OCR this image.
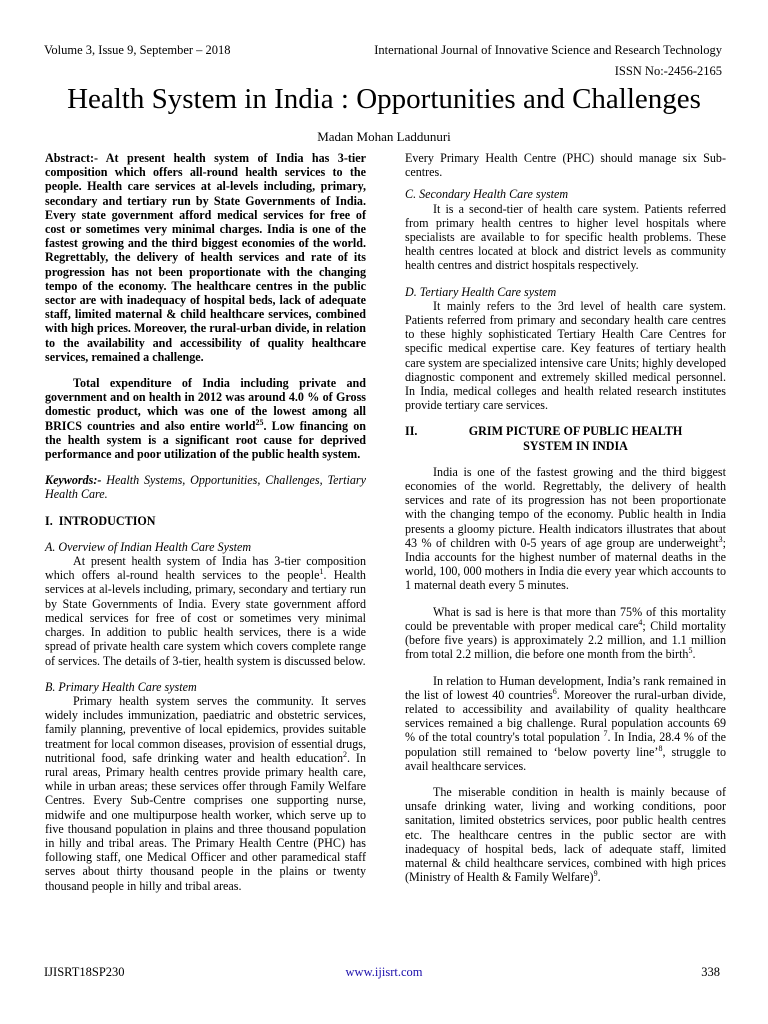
Volume 3, Issue 9, September – 2018	International Journal of Innovative Science and Research Technology
ISSN No:-2456-2165
Health System in India : Opportunities and Challenges
Madan Mohan Laddunuri

Abstract:- At present health system of India has 3-tier composition which offers all-round health services to the people. Health care services at al-levels including, primary, secondary and tertiary run by State Governments of India. Every state government afford medical services for free of cost or sometimes very minimal charges. India is one of the fastest growing and the third biggest economies of the world. Regrettably, the delivery of health services and rate of its progression has not been proportionate with the changing tempo of the economy. The healthcare centres in the public sector are with inadequacy of hospital beds, lack of adequate staff, limited maternal & child healthcare services, combined with high prices. Moreover, the rural-urban divide, in relation to the availability and accessibility of quality healthcare services, remained a challenge.

Total expenditure of India including private and government and on health in 2012 was around 4.0 % of Gross domestic product, which was one of the lowest among all BRICS countries and also entire world$^{25}$. Low financing on the health system is a significant root cause for deprived performance and poor utilization of the public health system.

Keywords:- Health Systems, Opportunities, Challenges, Tertiary Health Care.

I. INTRODUCTION

A. Overview of Indian Health Care System

At present health system of India has 3-tier composition which offers al-round health services to the people$^1$. Health services at al-levels including, primary, secondary and tertiary run by State Governments of India. Every state government afford medical services for free of cost or sometimes very minimal charges. In addition to public health services, there is a wide spread of private health care system which covers complete range of services. The details of 3-tier, health system is discussed below.

B. Primary Health Care system

Primary health system serves the community. It serves widely includes immunization, paediatric and obstetric services, family planning, preventive of local epidemics, provides suitable treatment for local common diseases, provision of essential drugs, nutritional food, safe drinking water and health education$^2$. In rural areas, Primary health centres provide primary health care, while in urban areas; these services offer through Family Welfare Centres. Every Sub-Centre comprises one supporting nurse, midwife and one multipurpose health worker, which serve up to five thousand population in plains and three thousand population in hilly and tribal areas. The Primary Health Centre (PHC) has following staff, one Medical Officer and other paramedical staff serves about thirty thousand people in the plains or twenty thousand people in hilly and tribal areas.

Every Primary Health Centre (PHC) should manage six Sub-centres.

C. Secondary Health Care system

It is a second-tier of health care system. Patients referred from primary health centres to higher level hospitals where specialists are available to for specific health problems. These health centres located at block and district levels as community health centres and district hospitals respectively.

D. Tertiary Health Care system

It mainly refers to the 3rd level of health care system. Patients referred from primary and secondary health care centres to these highly sophisticated Tertiary Health Care Centres for specific medical expertise care. Key features of tertiary health care system are specialized intensive care Units; highly developed diagnostic component and extremely skilled medical personnel. In India, medical colleges and health related research institutes provide tertiary care services.

II.	GRIM PICTURE OF PUBLIC HEALTH SYSTEM IN INDIA

India is one of the fastest growing and the third biggest economies of the world. Regrettably, the delivery of health services and rate of its progression has not been proportionate with the changing tempo of the economy. Public health in India presents a gloomy picture. Health indicators illustrates that about 43 % of children with 0-5 years of age group are underweight$^3$; India accounts for the highest number of maternal deaths in the world, 100, 000 mothers in India die every year which accounts to 1 maternal death every 5 minutes.

What is sad is here is that more than 75% of this mortality could be preventable with proper medical care$^4$; Child mortality (before five years) is approximately 2.2 million, and 1.1 million from total 2.2 million, die before one month from the birth$^5$.

In relation to Human development, India’s rank remained in the list of lowest 40 countries$^6$. Moreover the rural-urban divide, related to accessibility and availability of quality healthcare services remained a big challenge. Rural population accounts 69 % of the total country's total population $^7$. In India, 28.4 % of the population still remained to ‘below poverty line’$^8$, struggle to avail healthcare services.

The miserable condition in health is mainly because of unsafe drinking water, living and working conditions, poor sanitation, limited obstetrics services, poor public health centres etc. The healthcare centres in the public sector are with inadequacy of hospital beds, lack of adequate staff, limited maternal & child healthcare services, combined with high prices (Ministry of Health & Family Welfare)$^9$.

IJISRT18SP230	www.ijisrt.com	338
